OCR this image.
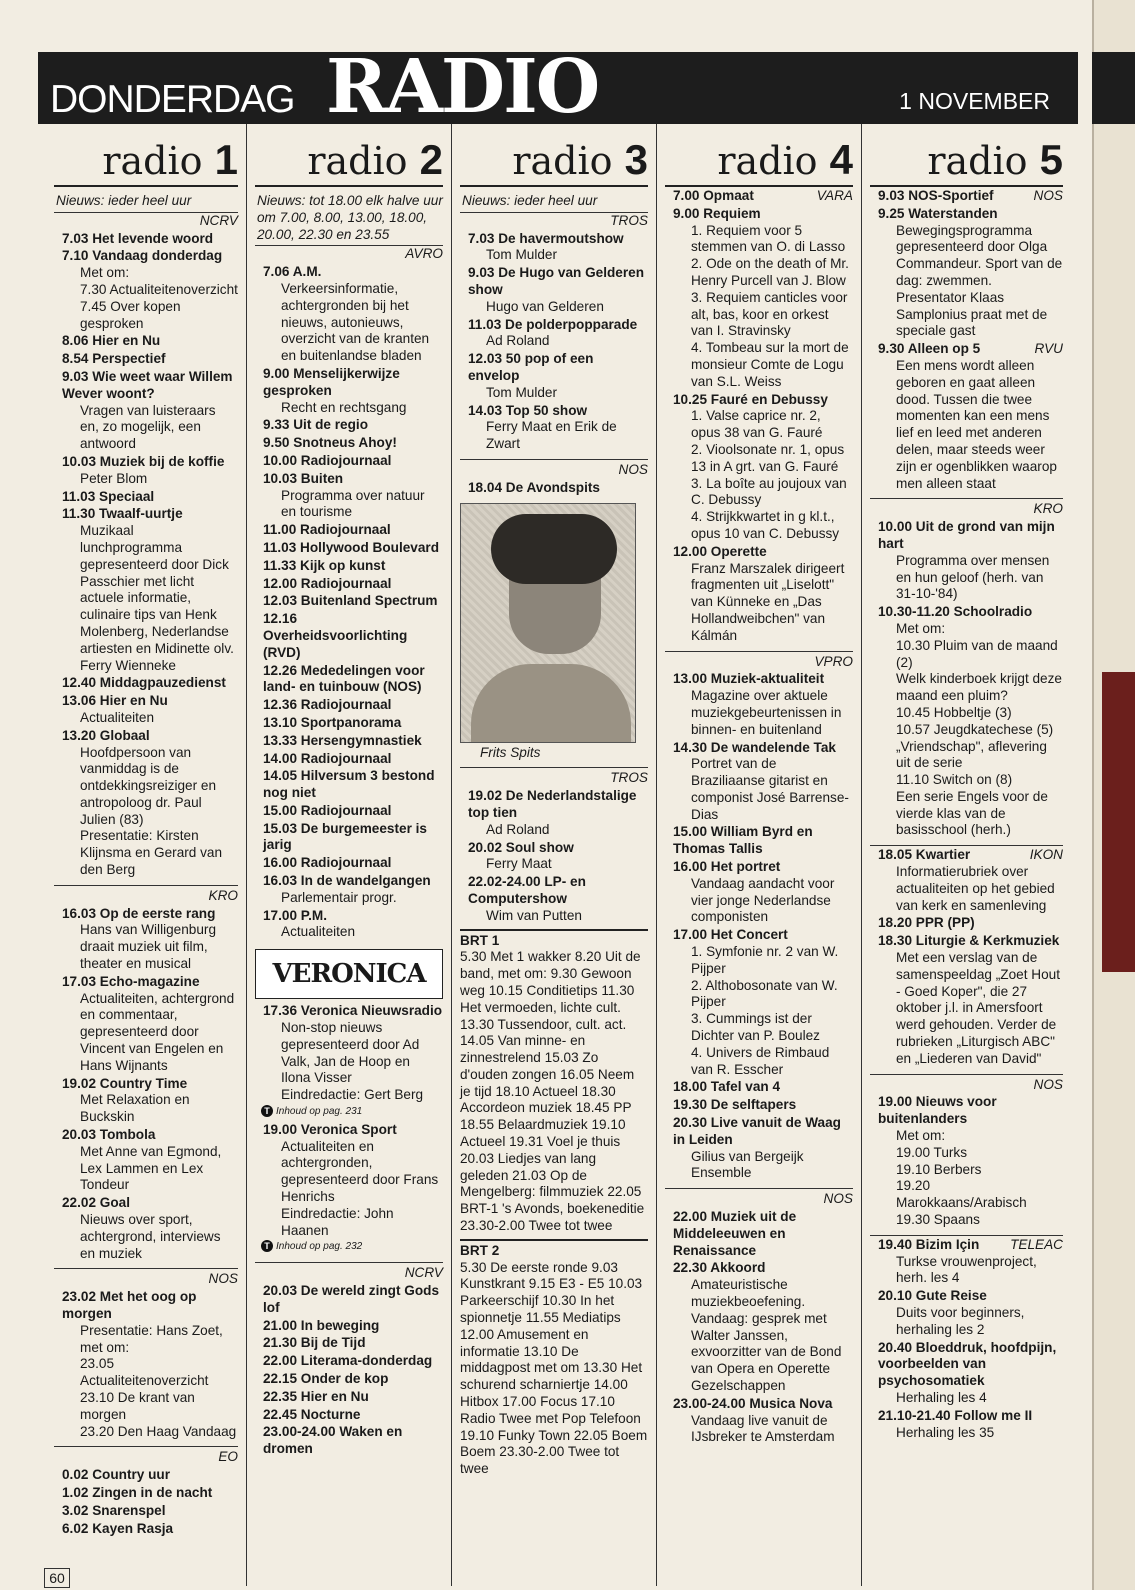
DONDERDAG RADIO	1 NOVEMBER
radio 1
Nieuws: ieder heel uur
NCRV
7.03 Het levende woord
7.10 Vandaag donderdag
Met om:
7.30 Actualiteitenoverzicht
7.45 Over kopen gesproken
8.06 Hier en Nu
8.54 Perspectief
9.03 Wie weet waar Willem Wever woont?
Vragen van luisteraars en, zo mogelijk, een antwoord
10.03 Muziek bij de koffie
Peter Blom
11.03 Speciaal
11.30 Twaalf-uurtje
Muzikaal lunchprogramma gepresenteerd door Dick Passchier met licht actuele informatie, culinaire tips van Henk Molenberg, Nederlandse artiesten en Midinette olv. Ferry Wienneke
12.40 Middagpauzedienst
13.06 Hier en Nu
Actualiteiten
13.20 Globaal
Hoofdpersoon van vanmiddag is de ontdekkingsreiziger en antropoloog dr. Paul Julien (83)
Presentatie: Kirsten Klijnsma en Gerard van den Berg
KRO
16.03 Op de eerste rang
Hans van Willigenburg draait muziek uit film, theater en musical
17.03 Echo-magazine
Actualiteiten, achtergrond en commentaar, gepresenteerd door Vincent van Engelen en Hans Wijnants
19.02 Country Time
Met Relaxation en Buckskin
20.03 Tombola
Met Anne van Egmond, Lex Lammen en Lex Tondeur
22.02 Goal
Nieuws over sport, achtergrond, interviews en muziek
NOS
23.02 Met het oog op morgen
Presentatie: Hans Zoet, met om:
23.05 Actualiteitenoverzicht
23.10 De krant van morgen
23.20 Den Haag Vandaag
EO
0.02 Country uur
1.02 Zingen in de nacht
3.02 Snarenspel
6.02 Kayen Rasja
radio 2
Nieuws: tot 18.00 elk halve uur om 7.00, 8.00, 13.00, 18.00, 20.00, 22.30 en 23.55
AVRO
7.06 A.M.
Verkeersinformatie, achtergronden bij het nieuws, autonieuws, overzicht van de kranten en buitenlandse bladen
9.00 Menselijkerwijze gesproken
Recht en rechtsgang
9.33 Uit de regio
9.50 Snotneus Ahoy!
10.00 Radiojournaal
10.03 Buiten
Programma over natuur en tourisme
11.00 Radiojournaal
11.03 Hollywood Boulevard
11.33 Kijk op kunst
12.00 Radiojournaal
12.03 Buitenland Spectrum
12.16 Overheidsvoorlichting (RVD)
12.26 Mededelingen voor land- en tuinbouw (NOS)
12.36 Radiojournaal
13.10 Sportpanorama
13.33 Hersengymnastiek
14.00 Radiojournaal
14.05 Hilversum 3 bestond nog niet
15.00 Radiojournaal
15.03 De burgemeester is jarig
16.00 Radiojournaal
16.03 In de wandelgangen
Parlementair progr.
17.00 P.M.
Actualiteiten
VERONICA
17.36 Veronica Nieuwsradio
Non-stop nieuws gepresenteerd door Ad Valk, Jan de Hoop en Ilona Visser
Eindredactie: Gert Berg
T Inhoud op pag. 231
19.00 Veronica Sport
Actualiteiten en achtergronden, gepresenteerd door Frans Henrichs
Eindredactie: John Haanen
T Inhoud op pag. 232
NCRV
20.03 De wereld zingt Gods lof
21.00 In beweging
21.30 Bij de Tijd
22.00 Literama-donderdag
22.15 Onder de kop
22.35 Hier en Nu
22.45 Nocturne
23.00-24.00 Waken en dromen
radio 3
Nieuws: ieder heel uur
TROS
7.03 De havermoutshow
Tom Mulder
9.03 De Hugo van Gelderen show
Hugo van Gelderen
11.03 De polderpopparade
Ad Roland
12.03 50 pop of een envelop
Tom Mulder
14.03 Top 50 show
Ferry Maat en Erik de Zwart
NOS
18.04 De Avondspits
Frits Spits
TROS
19.02 De Nederlandstalige top tien
Ad Roland
20.02 Soul show
Ferry Maat
22.02-24.00 LP- en Computershow
Wim van Putten
BRT 1
5.30 Met 1 wakker 8.20 Uit de band, met om: 9.30 Gewoon weg 10.15 Conditietips 11.30 Het vermoeden, lichte cult. 13.30 Tussendoor, cult. act. 14.05 Van minne- en zinnestrelend 15.03 Zo d'ouden zongen 16.05 Neem je tijd 18.10 Actueel 18.30 Accordeon muziek 18.45 PP 18.55 Belaardmuziek 19.10 Actueel 19.31 Voel je thuis 20.03 Liedjes van lang geleden 21.03 Op de Mengelberg: filmmuziek 22.05 BRT-1 's Avonds, boekeneditie 23.30-2.00 Twee tot twee
BRT 2
5.30 De eerste ronde 9.03 Kunstkrant 9.15 E3 - E5 10.03 Parkeerschijf 10.30 In het spionnetje 11.55 Mediatips 12.00 Amusement en informatie 13.10 De middagpost met om 13.30 Het schurend scharniertje 14.00 Hitbox 17.00 Focus 17.10 Radio Twee met Pop Telefoon 19.10 Funky Town 22.05 Boem Boem 23.30-2.00 Twee tot twee
radio 4
7.00 Opmaat	VARA
9.00 Requiem
1. Requiem voor 5 stemmen van O. di Lasso
2. Ode on the death of Mr. Henry Purcell van J. Blow
3. Requiem canticles voor alt, bas, koor en orkest van I. Stravinsky
4. Tombeau sur la mort de monsieur Comte de Logu van S.L. Weiss
10.25 Fauré en Debussy
1. Valse caprice nr. 2, opus 38 van G. Fauré
2. Vioolsonate nr. 1, opus 13 in A grt. van G. Fauré
3. La boîte au joujoux van C. Debussy
4. Strijkkwartet in g kl.t., opus 10 van C. Debussy
12.00 Operette
Franz Marszalek dirigeert fragmenten uit „Liselott" van Künneke en „Das Hollandweibchen" van Kálmán
VPRO
13.00 Muziek-aktualiteit
Magazine over aktuele muziekgebeurtenissen in binnen- en buitenland
14.30 De wandelende Tak
Portret van de Braziliaanse gitarist en componist José Barrense-Dias
15.00 William Byrd en Thomas Tallis
16.00 Het portret
Vandaag aandacht voor vier jonge Nederlandse componisten
17.00 Het Concert
1. Symfonie nr. 2 van W. Pijper
2. Althobosonate van W. Pijper
3. Cummings ist der Dichter van P. Boulez
4. Univers de Rimbaud van R. Esscher
18.00 Tafel van 4
19.30 De selftapers
20.30 Live vanuit de Waag in Leiden
Gilius van Bergeijk Ensemble
NOS
22.00 Muziek uit de Middeleeuwen en Renaissance
22.30 Akkoord
Amateuristische muziekbeoefening. Vandaag: gesprek met Walter Janssen, exvoorzitter van de Bond van Opera en Operette Gezelschappen
23.00-24.00 Musica Nova
Vandaag live vanuit de IJsbreker te Amsterdam
radio 5
9.03 NOS-Sportief	NOS
9.25 Waterstanden
Bewegingsprogramma gepresenteerd door Olga Commandeur. Sport van de dag: zwemmen. Presentator Klaas Samplonius praat met de speciale gast
9.30 Alleen op 5	RVU
Een mens wordt alleen geboren en gaat alleen dood. Tussen die twee momenten kan een mens lief en leed met anderen delen, maar steeds weer zijn er ogenblikken waarop men alleen staat
KRO
10.00 Uit de grond van mijn hart
Programma over mensen en hun geloof (herh. van 31-10-'84)
10.30-11.20 Schoolradio
Met om:
10.30 Pluim van de maand (2)
Welk kinderboek krijgt deze maand een pluim?
10.45 Hobbeltje (3)
10.57 Jeugdkatechese (5) „Vriendschap", aflevering uit de serie
11.10 Switch on (8)
Een serie Engels voor de vierde klas van de basisschool (herh.)
18.05 Kwartier	IKON
Informatierubriek over actualiteiten op het gebied van kerk en samenleving
18.20 PPR (PP)
18.30 Liturgie & Kerkmuziek
Met een verslag van de samenspeeldag „Zoet Hout - Goed Koper", die 27 oktober j.l. in Amersfoort werd gehouden. Verder de rubrieken „Liturgisch ABC" en „Liederen van David"
NOS
19.00 Nieuws voor buitenlanders
Met om:
19.00 Turks
19.10 Berbers
19.20 Marokkaans/Arabisch
19.30 Spaans
19.40 Bizim Için TELEAC
Turkse vrouwenproject, herh. les 4
20.10 Gute Reise
Duits voor beginners, herhaling les 2
20.40 Bloeddruk, hoofdpijn, voorbeelden van psychosomatiek
Herhaling les 4
21.10-21.40 Follow me II
Herhaling les 35
60
